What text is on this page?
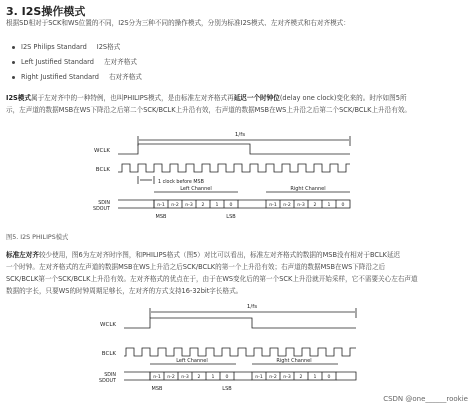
3. I2S操作模式
根据SD相对于SCK和WS位置的不同，I2S分为三种不同的操作模式，分别为标准I2S模式、左对齐模式和右对齐模式：
I2S Philips Standard I2S格式
Left Justified Standard 左对齐格式
Right Justified Standard 右对齐格式
I2S模式属于左对齐中的一种特例，也叫PHILIPS模式，是由标准左对齐格式再延迟一个时钟位(delay one clock)变化来的。时序如图5所
示，左声道的数据MSB在WS下降沿之后第二个SCK/BCLK上升沿有效，右声道的数据MSB在WS上升沿之后第二个SCK/BCLK上升沿有效。
1/fs
WCLK
BCLK
1 clock before MSB
Left Channel	Right Channel
SDIN
SDOUT
n-1 n-2 n-3 2 1 0	n-1 n-2 n-3 2 1 0
MSB	LSB
图5. I2S PHILIPS模式
标准左对齐较少使用，图6为左对齐时序图，和PHILIPS格式（图5）对比可以看出，标准左对齐格式的数据的MSB没有相对于BCLK延迟
一个时钟。左对齐格式的左声道的数据MSB在WS上升沿之后SCK/BCLK的第一个上升沿有效；右声道的数据MSB在WS下降沿之后
SCK/BCLK第一个SCK/BCLK上升沿有效。左对齐格式的优点在于，由于在WS变化后的第一个SCK上升沿就开始采样，它不需要关心左右声道
数据的字长，只要WS的时钟周期足够长，左对齐的方式支持16-32bit字长格式。
1/fs
WCLK
BCLK
Left Channel	Right Channel
SDIN
SDOUT
n-1 n-2 n-3 2 1 0	n-1 n-2 n-3 2 1 0
MSB	LSB
CSDN @one______rookie
